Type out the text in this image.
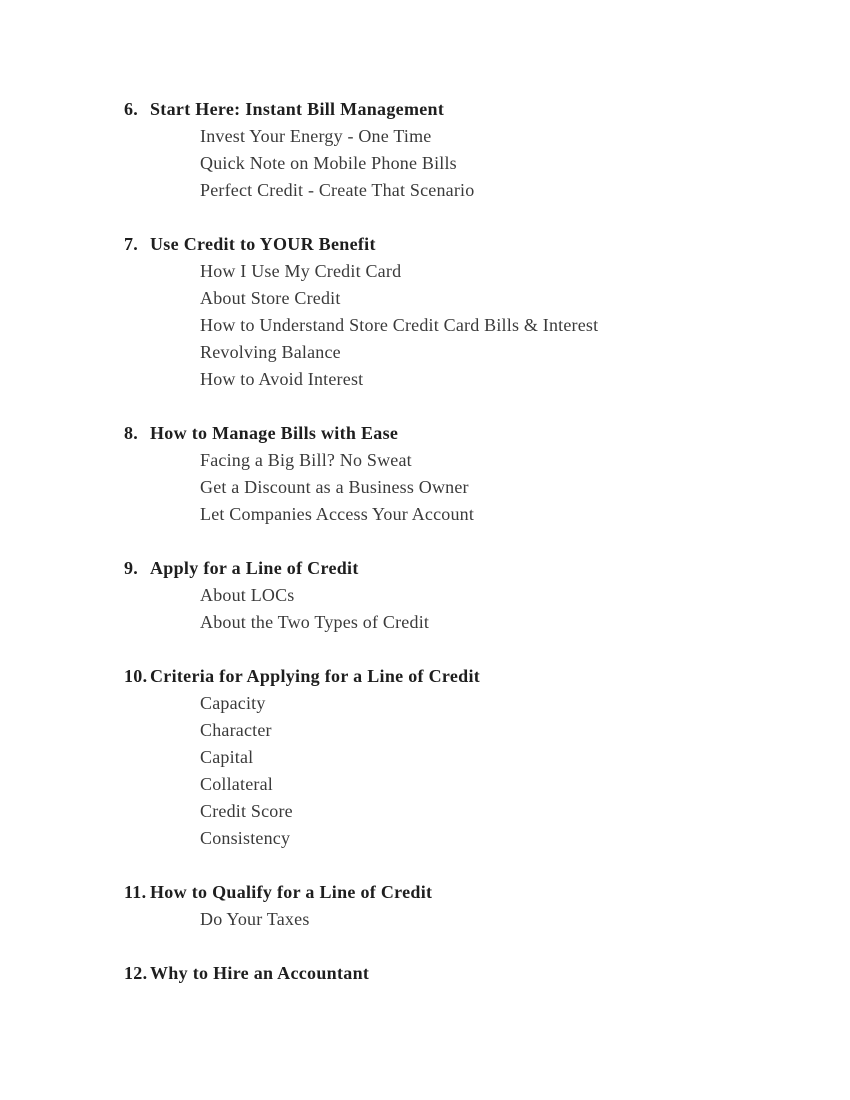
6. Start Here: Instant Bill Management
Invest Your Energy - One Time
Quick Note on Mobile Phone Bills
Perfect Credit - Create That Scenario
7. Use Credit to YOUR Benefit
How I Use My Credit Card
About Store Credit
How to Understand Store Credit Card Bills & Interest
Revolving Balance
How to Avoid Interest
8. How to Manage Bills with Ease
Facing a Big Bill? No Sweat
Get a Discount as a Business Owner
Let Companies Access Your Account
9. Apply for a Line of Credit
About LOCs
About the Two Types of Credit
10. Criteria for Applying for a Line of Credit
Capacity
Character
Capital
Collateral
Credit Score
Consistency
11. How to Qualify for a Line of Credit
Do Your Taxes
12. Why to Hire an Accountant
